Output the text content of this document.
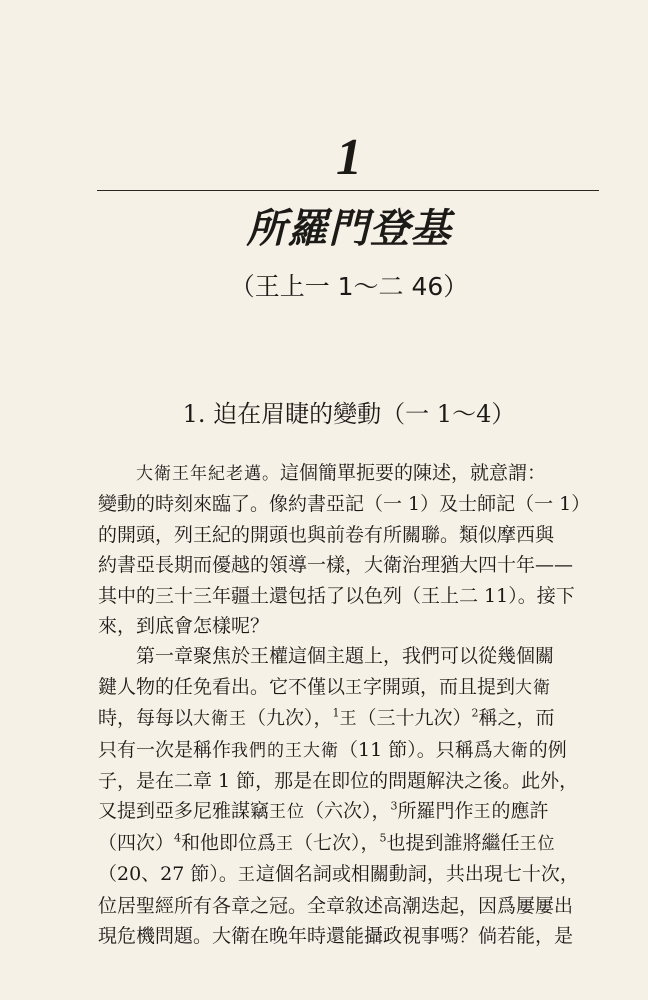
1
所羅門登基
（王上一 1～二 46）
1. 迫在眉睫的變動（一 1～4）
大衛王年紀老邁。這個簡單扼要的陳述，就意謂：
變動的時刻來臨了。像約書亞記（一 1）及士師記（一 1）
的開頭，列王紀的開頭也與前卷有所關聯。類似摩西與
約書亞長期而優越的領導一樣，大衛治理猶大四十年——
其中的三十三年疆土還包括了以色列（王上二 11）。接下
來，到底會怎樣呢？
第一章聚焦於王權這個主題上，我們可以從幾個關
鍵人物的任免看出。它不僅以王字開頭，而且提到大衛
時，每每以大衛王（九次），$^1$王（三十九次）$^2$稱之，而
只有一次是稱作我們的王大衛（11 節）。只稱爲大衛的例
子，是在二章 1 節，那是在即位的問題解決之後。此外，
又提到亞多尼雅謀竊王位（六次），$^3$所羅門作王的應許
（四次）$^4$和他即位爲王（七次），$^5$也提到誰將繼任王位
（20、27 節）。王這個名詞或相關動詞，共出現七十次，
位居聖經所有各章之冠。全章敘述高潮迭起，因爲屢屢出
現危機問題。大衛在晚年時還能攝政視事嗎？倘若能，是
